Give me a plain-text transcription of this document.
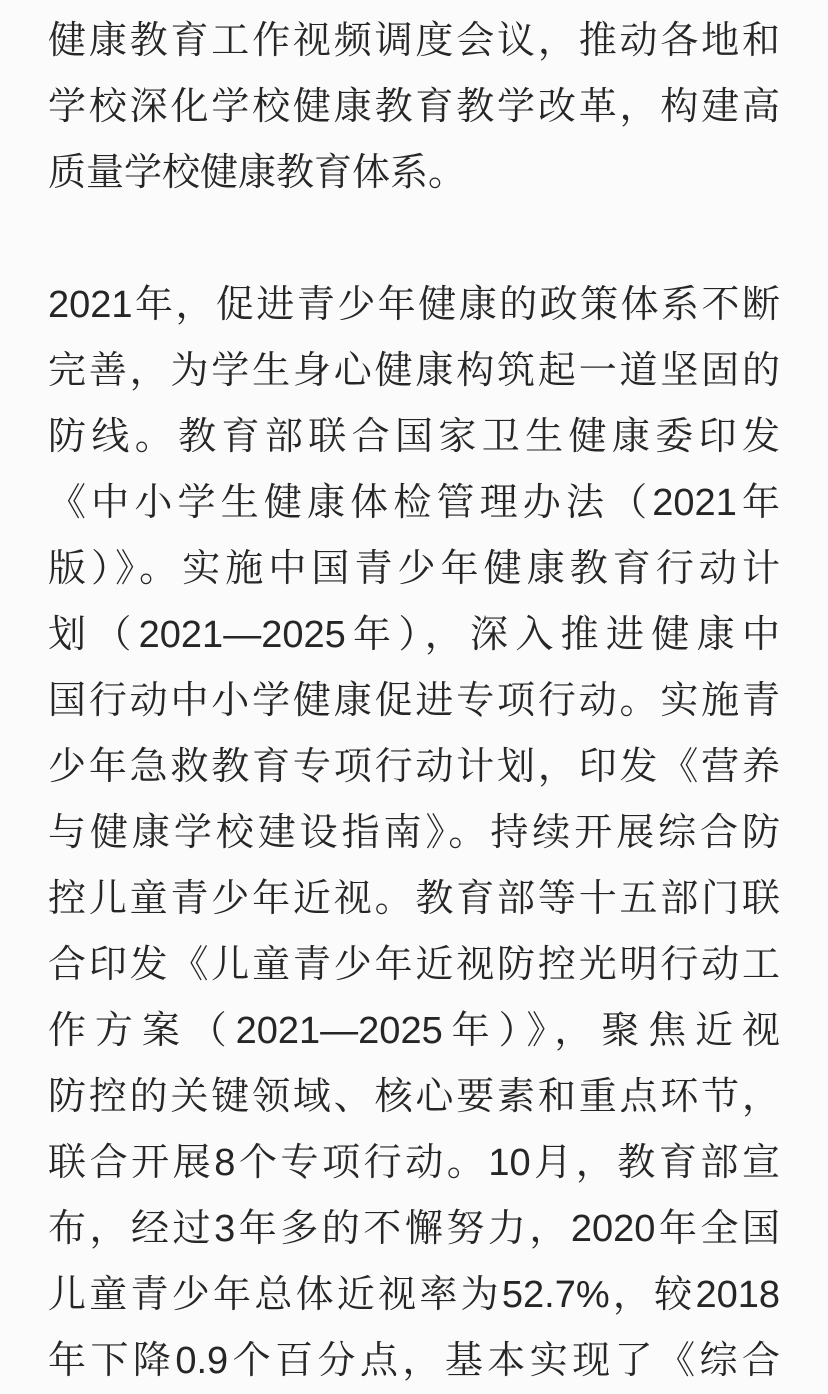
健康教育工作视频调度会议，推动各地和
学校深化学校健康教育教学改革，构建高
质量学校健康教育体系。
2021年，促进青少年健康的政策体系不断
完善，为学生身心健康构筑起一道坚固的
防线。教育部联合国家卫生健康委印发
《中小学生健康体检管理办法（2021年
版）》。实施中国青少年健康教育行动计
划（2021—2025年），深入推进健康中
国行动中小学健康促进专项行动。实施青
少年急救教育专项行动计划，印发《营养
与健康学校建设指南》。持续开展综合防
控儿童青少年近视。教育部等十五部门联
合印发《儿童青少年近视防控光明行动工
作方案（2021—2025年）》，聚焦近视
防控的关键领域、核心要素和重点环节，
联合开展8个专项行动。10月，教育部宣
布，经过3年多的不懈努力，2020年全国
儿童青少年总体近视率为52.7%，较2018
年下降0.9个百分点，基本实现了《综合
